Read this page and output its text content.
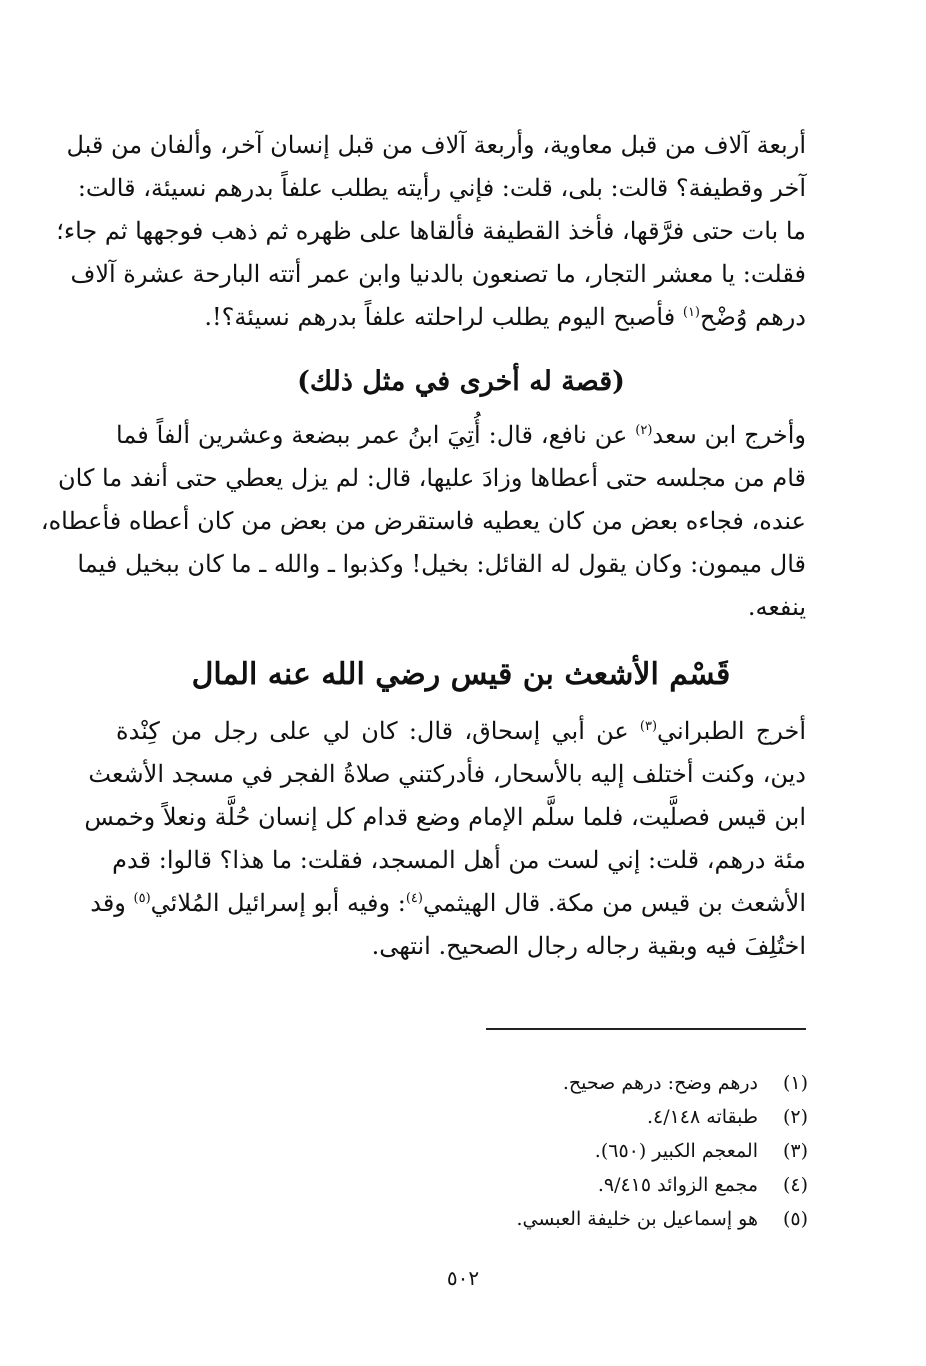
أربعة آلاف من قبل معاوية، وأربعة آلاف من قبل إنسان آخر، وألفان من قبل
آخر وقطيفة؟ قالت: بلى، قلت: فإني رأيته يطلب علفاً بدرهم نسيئة، قالت:
ما بات حتى فرَّقها، فأخذ القطيفة فألقاها على ظهره ثم ذهب فوجهها ثم جاء؛
فقلت: يا معشر التجار، ما تصنعون بالدنيا وابن عمر أتته البارحة عشرة آلاف
درهم وُضْح$^{(١)}$ فأصبح اليوم يطلب لراحلته علفاً بدرهم نسيئة؟!.
(قصة له أخرى في مثل ذلك)
وأخرج ابن سعد$^{(٢)}$ عن نافع، قال: أُتِيَ ابنُ عمر ببضعة وعشرين ألفاً فما
قام من مجلسه حتى أعطاها وزادَ عليها، قال: لم يزل يعطي حتى أنفد ما كان
عنده، فجاءه بعض من كان يعطيه فاستقرض من بعض من كان أعطاه فأعطاه،
قال ميمون: وكان يقول له القائل: بخيل! وكذبوا ـ والله ـ ما كان ببخيل فيما
ينفعه.
قَسْم الأشعث بن قيس رضي الله عنه المال
أخرج الطبراني$^{(٣)}$ عن أبي إسحاق، قال: كان لي على رجل من كِنْدة
دين، وكنت أختلف إليه بالأسحار، فأدركتني صلاةُ الفجر في مسجد الأشعث
ابن قيس فصلَّيت، فلما سلَّم الإمام وضع قدام كل إنسان حُلَّة ونعلاً وخمس
مئة درهم، قلت: إني لست من أهل المسجد، فقلت: ما هذا؟ قالوا: قدم
الأشعث بن قيس من مكة. قال الهيثمي$^{(٤)}$: وفيه أبو إسرائيل المُلائي$^{(٥)}$ وقد
اختُلِفَ فيه وبقية رجاله رجال الصحيح. انتهى.
(١)
درهم وضح: درهم صحيح.
(٢)
طبقاته ٤/١٤٨.
(٣)
المعجم الكبير (٦٥٠).
(٤)
مجمع الزوائد ٩/٤١٥.
(٥)
هو إسماعيل بن خليفة العبسي.
٥٠٢
